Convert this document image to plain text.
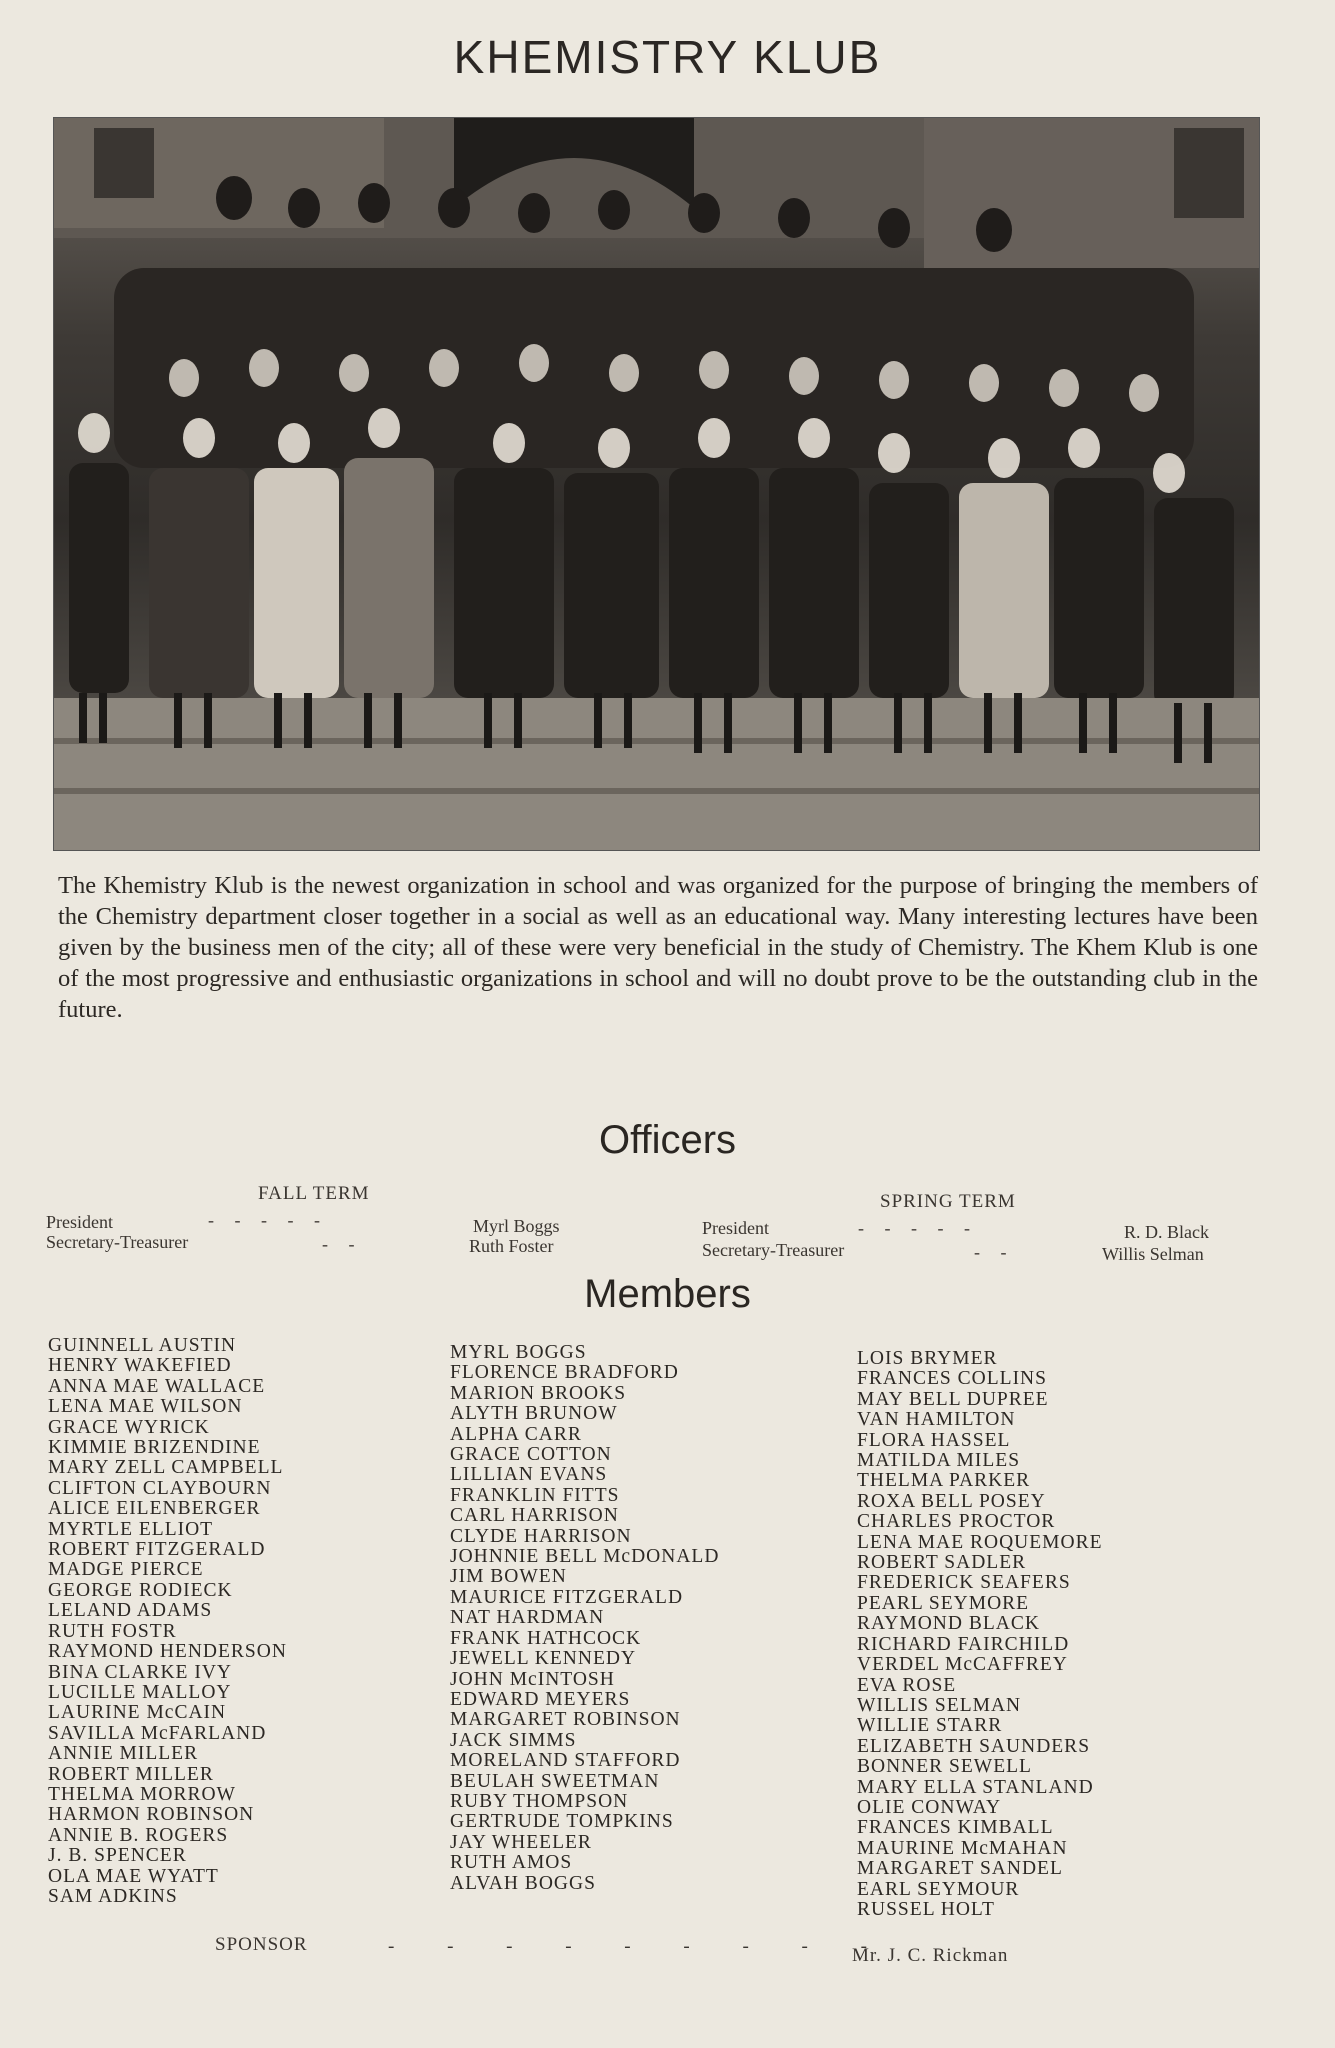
KHEMISTRY KLUB
The Khemistry Klub is the newest organization in school and was organized for the purpose of bringing the members of the Chemistry department closer together in a social as well as an educational way. Many interesting lectures have been given by the business men of the city; all of these were very beneficial in the study of Chemistry. The Khem Klub is one of the most progressive and enthusiastic organizations in school and will no doubt prove to be the outstanding club in the future.
Officers
FALL TERM	SPRING TERM
President	- - - - -	Myrl Boggs
Secretary-Treasurer	- -	Ruth Foster
President	- - - - -	R. D. Black
Secretary-Treasurer	- -	Willis Selman
Members
GUINNELL AUSTIN
HENRY WAKEFIED
ANNA MAE WALLACE
LENA MAE WILSON
GRACE WYRICK
KIMMIE BRIZENDINE
MARY ZELL CAMPBELL
CLIFTON CLAYBOURN
ALICE EILENBERGER
MYRTLE ELLIOT
ROBERT FITZGERALD
MADGE PIERCE
GEORGE RODIECK
LELAND ADAMS
RUTH FOSTR
RAYMOND HENDERSON
BINA CLARKE IVY
LUCILLE MALLOY
LAURINE McCAIN
SAVILLA McFARLAND
ANNIE MILLER
ROBERT MILLER
THELMA MORROW
HARMON ROBINSON
ANNIE B. ROGERS
J. B. SPENCER
OLA MAE WYATT
SAM ADKINS
MYRL BOGGS
FLORENCE BRADFORD
MARION BROOKS
ALYTH BRUNOW
ALPHA CARR
GRACE COTTON
LILLIAN EVANS
FRANKLIN FITTS
CARL HARRISON
CLYDE HARRISON
JOHNNIE BELL McDONALD
JIM BOWEN
MAURICE FITZGERALD
NAT HARDMAN
FRANK HATHCOCK
JEWELL KENNEDY
JOHN McINTOSH
EDWARD MEYERS
MARGARET ROBINSON
JACK SIMMS
MORELAND STAFFORD
BEULAH SWEETMAN
RUBY THOMPSON
GERTRUDE TOMPKINS
JAY WHEELER
RUTH AMOS
ALVAH BOGGS
LOIS BRYMER
FRANCES COLLINS
MAY BELL DUPREE
VAN HAMILTON
FLORA HASSEL
MATILDA MILES
THELMA PARKER
ROXA BELL POSEY
CHARLES PROCTOR
LENA MAE ROQUEMORE
ROBERT SADLER
FREDERICK SEAFERS
PEARL SEYMORE
RAYMOND BLACK
RICHARD FAIRCHILD
VERDEL McCAFFREY
EVA ROSE
WILLIS SELMAN
WILLIE STARR
ELIZABETH SAUNDERS
BONNER SEWELL
MARY ELLA STANLAND
OLIE CONWAY
FRANCES KIMBALL
MAURINE McMAHAN
MARGARET SANDEL
EARL SEYMOUR
RUSSEL HOLT
SPONSOR	- - - - - - - - -
Mr. J. C. Rickman
